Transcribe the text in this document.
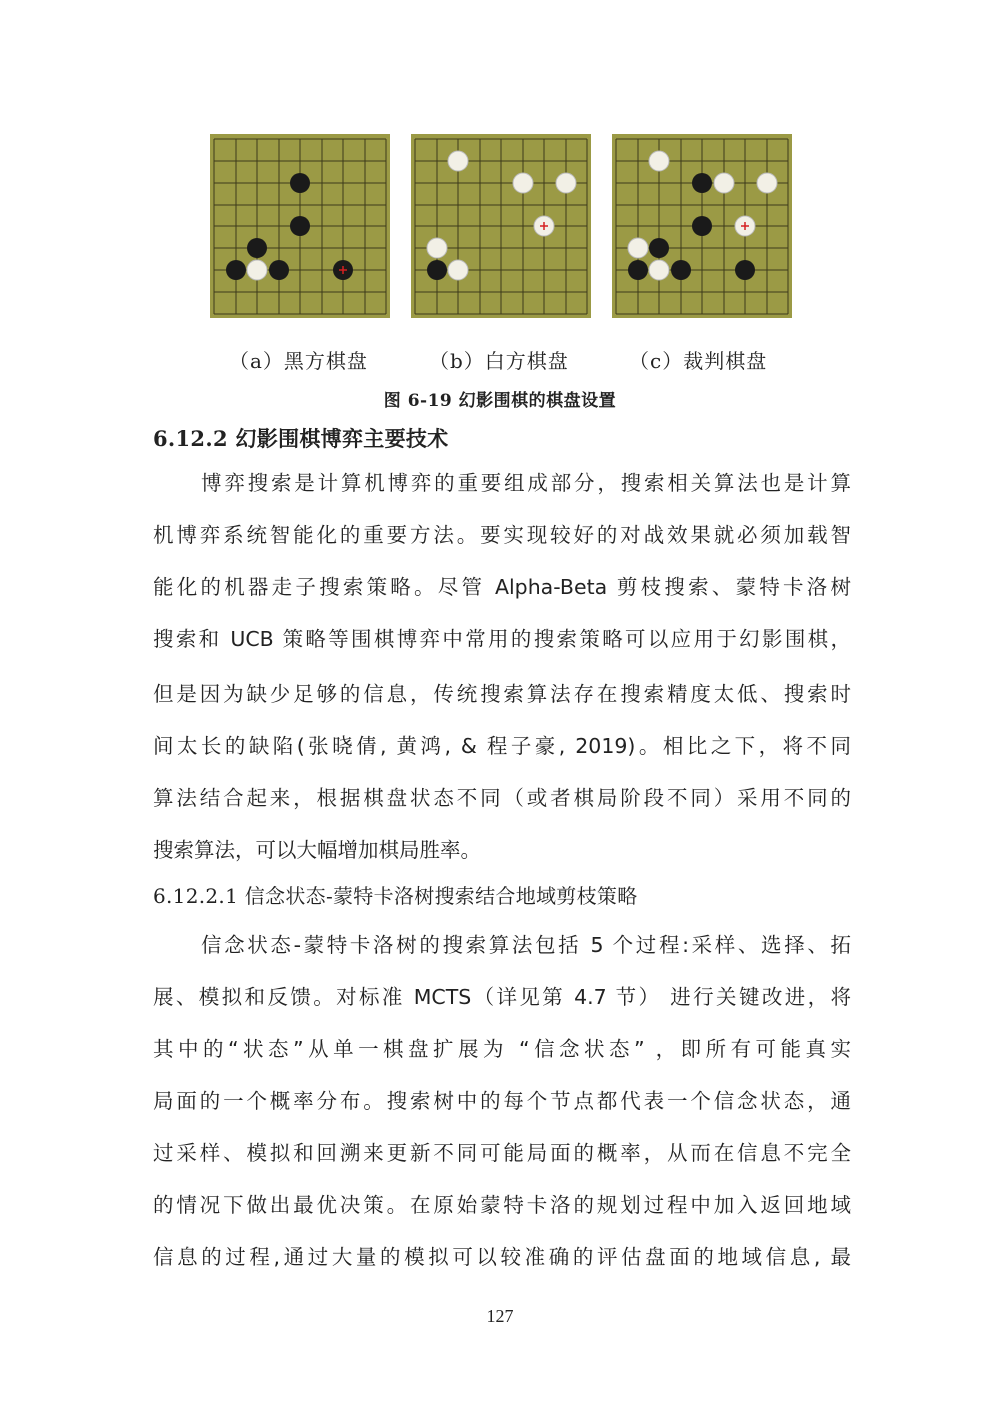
（a）黑方棋盘	（b）白方棋盘	（c）裁判棋盘
图 6-19 幻影围棋的棋盘设置
6.12.2 幻影围棋博弈主要技术
博弈搜索是计算机博弈的重要组成部分，搜索相关算法也是计算
机博弈系统智能化的重要方法。要实现较好的对战效果就必须加载智
能化的机器走子搜索策略。尽管 Alpha-Beta 剪枝搜索、蒙特卡洛树
搜索和 UCB 策略等围棋博弈中常用的搜索策略可以应用于幻影围棋，
但是因为缺少足够的信息，传统搜索算法存在搜索精度太低、搜索时
间太长的缺陷(张晓倩, 黄鸿, & 程子豪, 2019)。相比之下，将不同
算法结合起来，根据棋盘状态不同（或者棋局阶段不同）采用不同的
搜索算法，可以大幅增加棋局胜率。
6.12.2.1 信念状态-蒙特卡洛树搜索结合地域剪枝策略
信念状态-蒙特卡洛树的搜索算法包括 5 个过程:采样、选择、拓
展、模拟和反馈。对标准 MCTS（详见第 4.7 节） 进行关键改进，将
其中的“状态”从单一棋盘扩展为 “信念状态” ，即所有可能真实
局面的一个概率分布。搜索树中的每个节点都代表一个信念状态，通
过采样、模拟和回溯来更新不同可能局面的概率，从而在信息不完全
的情况下做出最优决策。在原始蒙特卡洛的规划过程中加入返回地域
信息的过程,通过大量的模拟可以较准确的评估盘面的地域信息, 最
127
